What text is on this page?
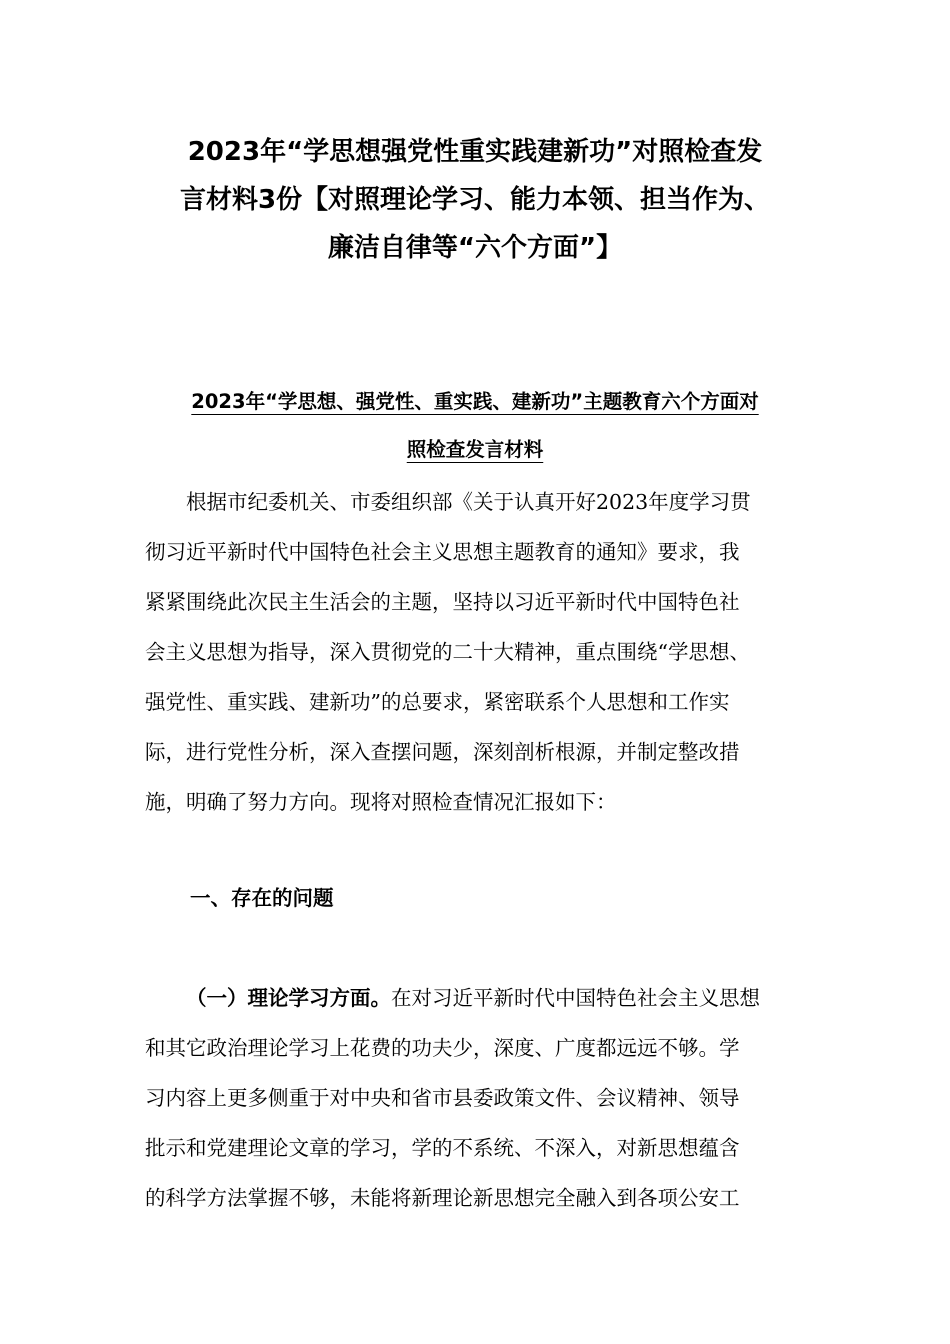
2023年“学思想强党性重实践建新功”对照检查发
言材料3份【对照理论学习、能力本领、担当作为、
廉洁自律等“六个方面”】
2023年“学思想、强党性、重实践、建新功”主题教育六个方面对
照检查发言材料
　　根据市纪委机关、市委组织部《关于认真开好2023年度学习贯
彻习近平新时代中国特色社会主义思想主题教育的通知》要求，我
紧紧围绕此次民主生活会的主题，坚持以习近平新时代中国特色社
会主义思想为指导，深入贯彻党的二十大精神，重点围绕“学思想、
强党性、重实践、建新功”的总要求，紧密联系个人思想和工作实
际，进行党性分析，深入查摆问题，深刻剖析根源，并制定整改措
施，明确了努力方向。现将对照检查情况汇报如下：
一、存在的问题
（一）理论学习方面。在对习近平新时代中国特色社会主义思想
和其它政治理论学习上花费的功夫少，深度、广度都远远不够。学
习内容上更多侧重于对中央和省市县委政策文件、会议精神、领导
批示和党建理论文章的学习，学的不系统、不深入，对新思想蕴含
的科学方法掌握不够，未能将新理论新思想完全融入到各项公安工
